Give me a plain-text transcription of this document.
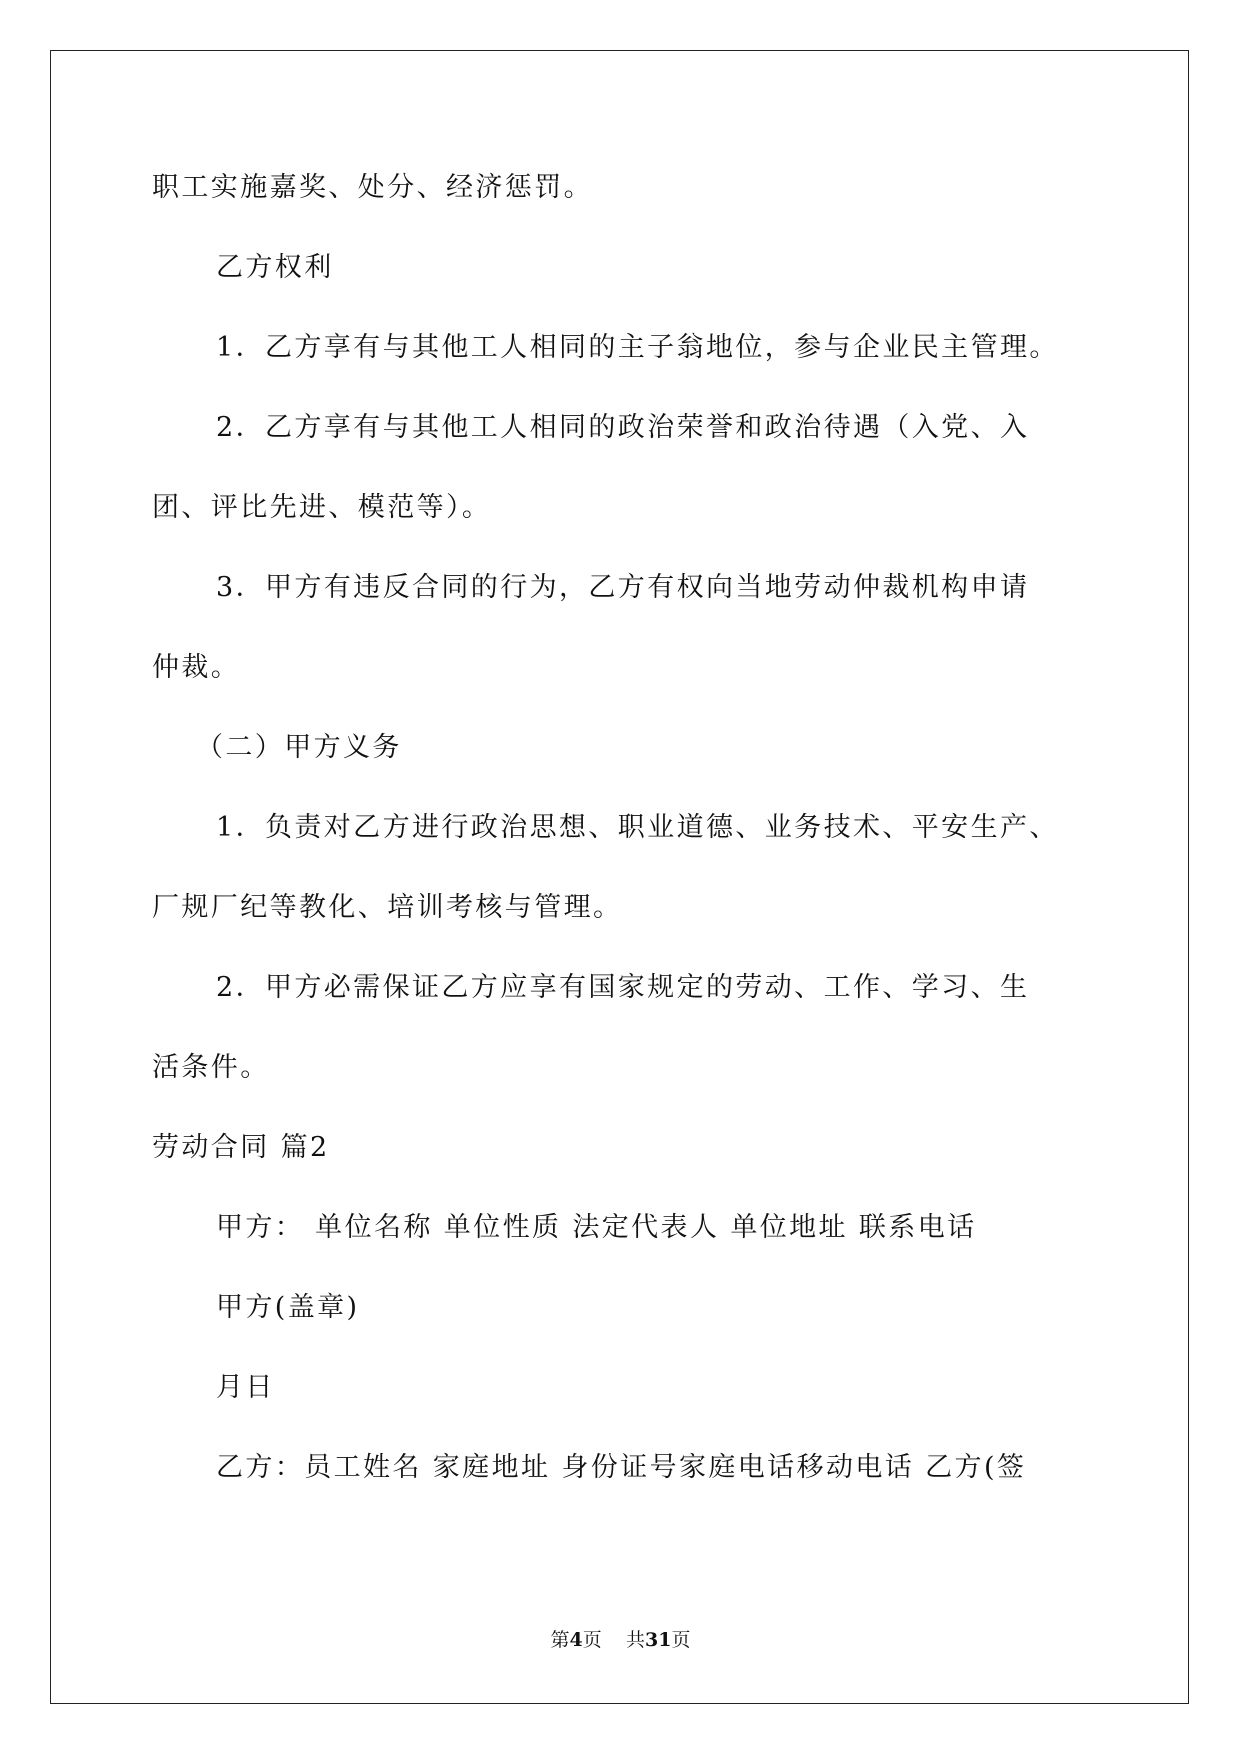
职工实施嘉奖、处分、经济惩罚。

乙方权利

1．乙方享有与其他工人相同的主子翁地位，参与企业民主管理。

2．乙方享有与其他工人相同的政治荣誉和政治待遇（入党、入

团、评比先进、模范等）。

3．甲方有违反合同的行为，乙方有权向当地劳动仲裁机构申请

仲裁。

（二）甲方义务

1．负责对乙方进行政治思想、职业道德、业务技术、平安生产、

厂规厂纪等教化、培训考核与管理。

2．甲方必需保证乙方应享有国家规定的劳动、工作、学习、生

活条件。

劳动合同 篇2

甲方： 单位名称 单位性质 法定代表人 单位地址 联系电话

甲方(盖章)

月日

乙方：员工姓名 家庭地址 身份证号家庭电话移动电话 乙方(签

第4页 共31页
